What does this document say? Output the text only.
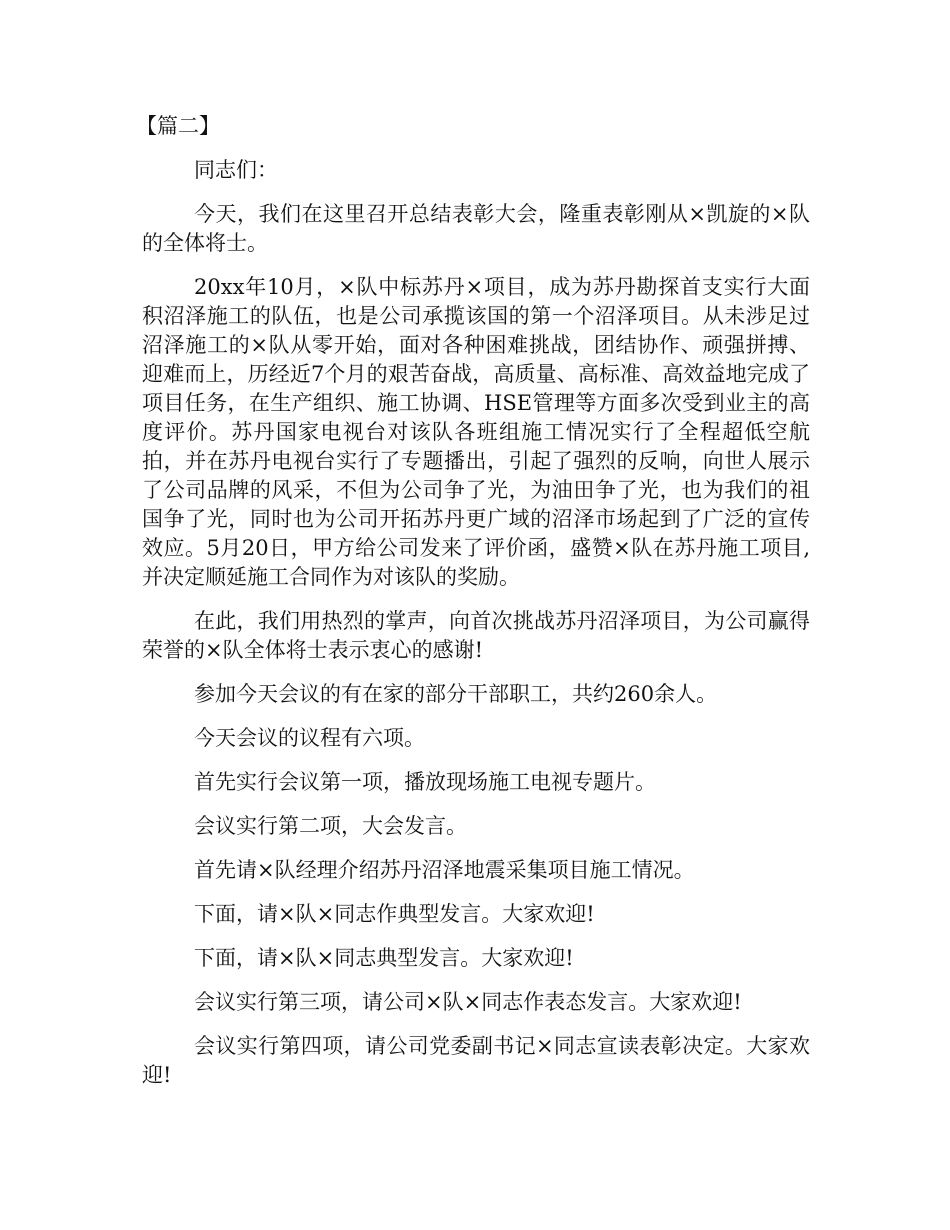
【篇二】

同志们：

今天，我们在这里召开总结表彰大会，隆重表彰刚从×凯旋的×队的全体将士。

20xx年10月，×队中标苏丹×项目，成为苏丹勘探首支实行大面积沼泽施工的队伍，也是公司承揽该国的第一个沼泽项目。从未涉足过沼泽施工的×队从零开始，面对各种困难挑战，团结协作、顽强拼搏、迎难而上，历经近7个月的艰苦奋战，高质量、高标准、高效益地完成了项目任务，在生产组织、施工协调、HSE管理等方面多次受到业主的高度评价。苏丹国家电视台对该队各班组施工情况实行了全程超低空航拍，并在苏丹电视台实行了专题播出，引起了强烈的反响，向世人展示了公司品牌的风采，不但为公司争了光，为油田争了光，也为我们的祖国争了光，同时也为公司开拓苏丹更广域的沼泽市场起到了广泛的宣传效应。5月20日，甲方给公司发来了评价函，盛赞×队在苏丹施工项目,并决定顺延施工合同作为对该队的奖励。

在此，我们用热烈的掌声，向首次挑战苏丹沼泽项目，为公司赢得荣誉的×队全体将士表示衷心的感谢!

参加今天会议的有在家的部分干部职工，共约260余人。

今天会议的议程有六项。

首先实行会议第一项，播放现场施工电视专题片。

会议实行第二项，大会发言。

首先请×队经理介绍苏丹沼泽地震采集项目施工情况。

下面，请×队×同志作典型发言。大家欢迎!

下面，请×队×同志典型发言。大家欢迎!

会议实行第三项，请公司×队×同志作表态发言。大家欢迎!

会议实行第四项，请公司党委副书记×同志宣读表彰决定。大家欢迎!
